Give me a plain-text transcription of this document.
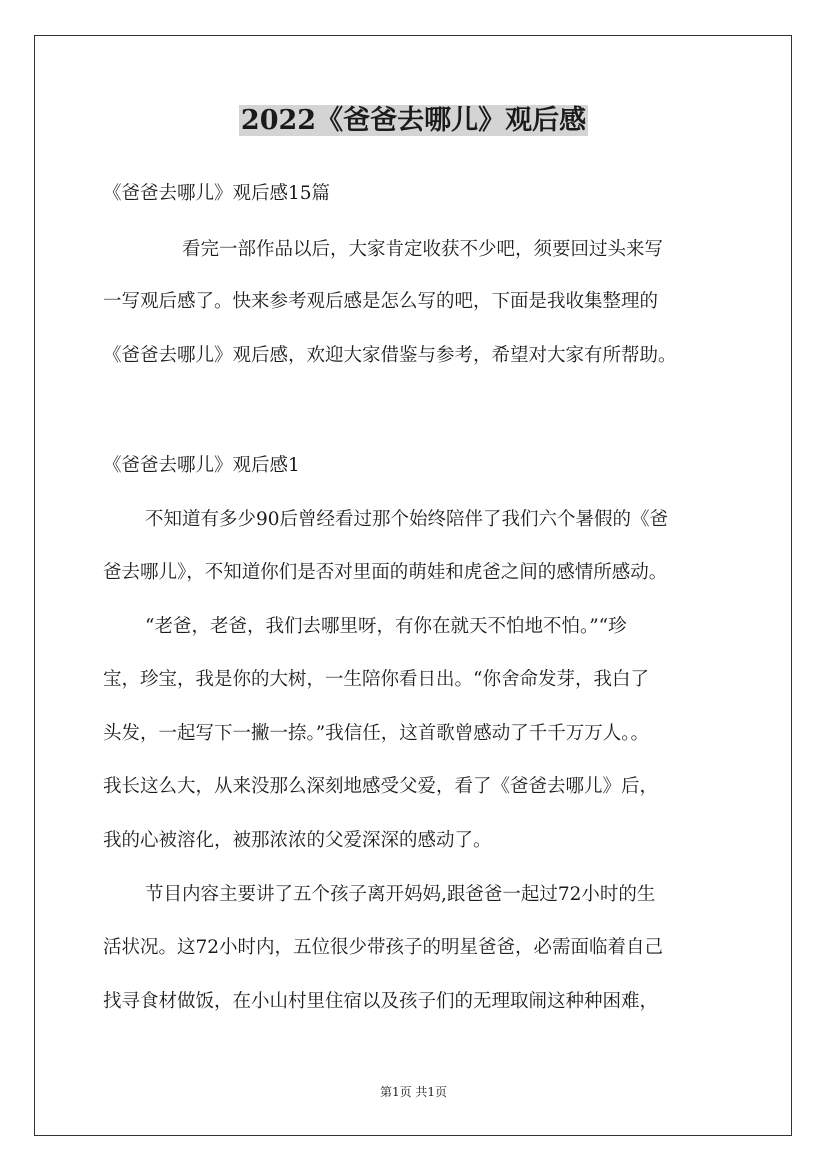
2022《爸爸去哪儿》观后感
《爸爸去哪儿》观后感15篇
看完一部作品以后，大家肯定收获不少吧，须要回过头来写
一写观后感了。快来参考观后感是怎么写的吧，下面是我收集整理的
《爸爸去哪儿》观后感，欢迎大家借鉴与参考，希望对大家有所帮助。
《爸爸去哪儿》观后感1
不知道有多少90后曾经看过那个始终陪伴了我们六个暑假的《爸
爸去哪儿》，不知道你们是否对里面的萌娃和虎爸之间的感情所感动。
“老爸，老爸，我们去哪里呀，有你在就天不怕地不怕。”“珍
宝，珍宝，我是你的大树，一生陪你看日出。“你舍命发芽，我白了
头发，一起写下一撇一捺。”我信任，这首歌曾感动了千千万万人。。
我长这么大，从来没那么深刻地感受父爱，看了《爸爸去哪儿》后，
我的心被溶化，被那浓浓的父爱深深的感动了。
节目内容主要讲了五个孩子离开妈妈,跟爸爸一起过72小时的生
活状况。这72小时内，五位很少带孩子的明星爸爸，必需面临着自己
找寻食材做饭，在小山村里住宿以及孩子们的无理取闹这种种困难，
第1页 共1页
